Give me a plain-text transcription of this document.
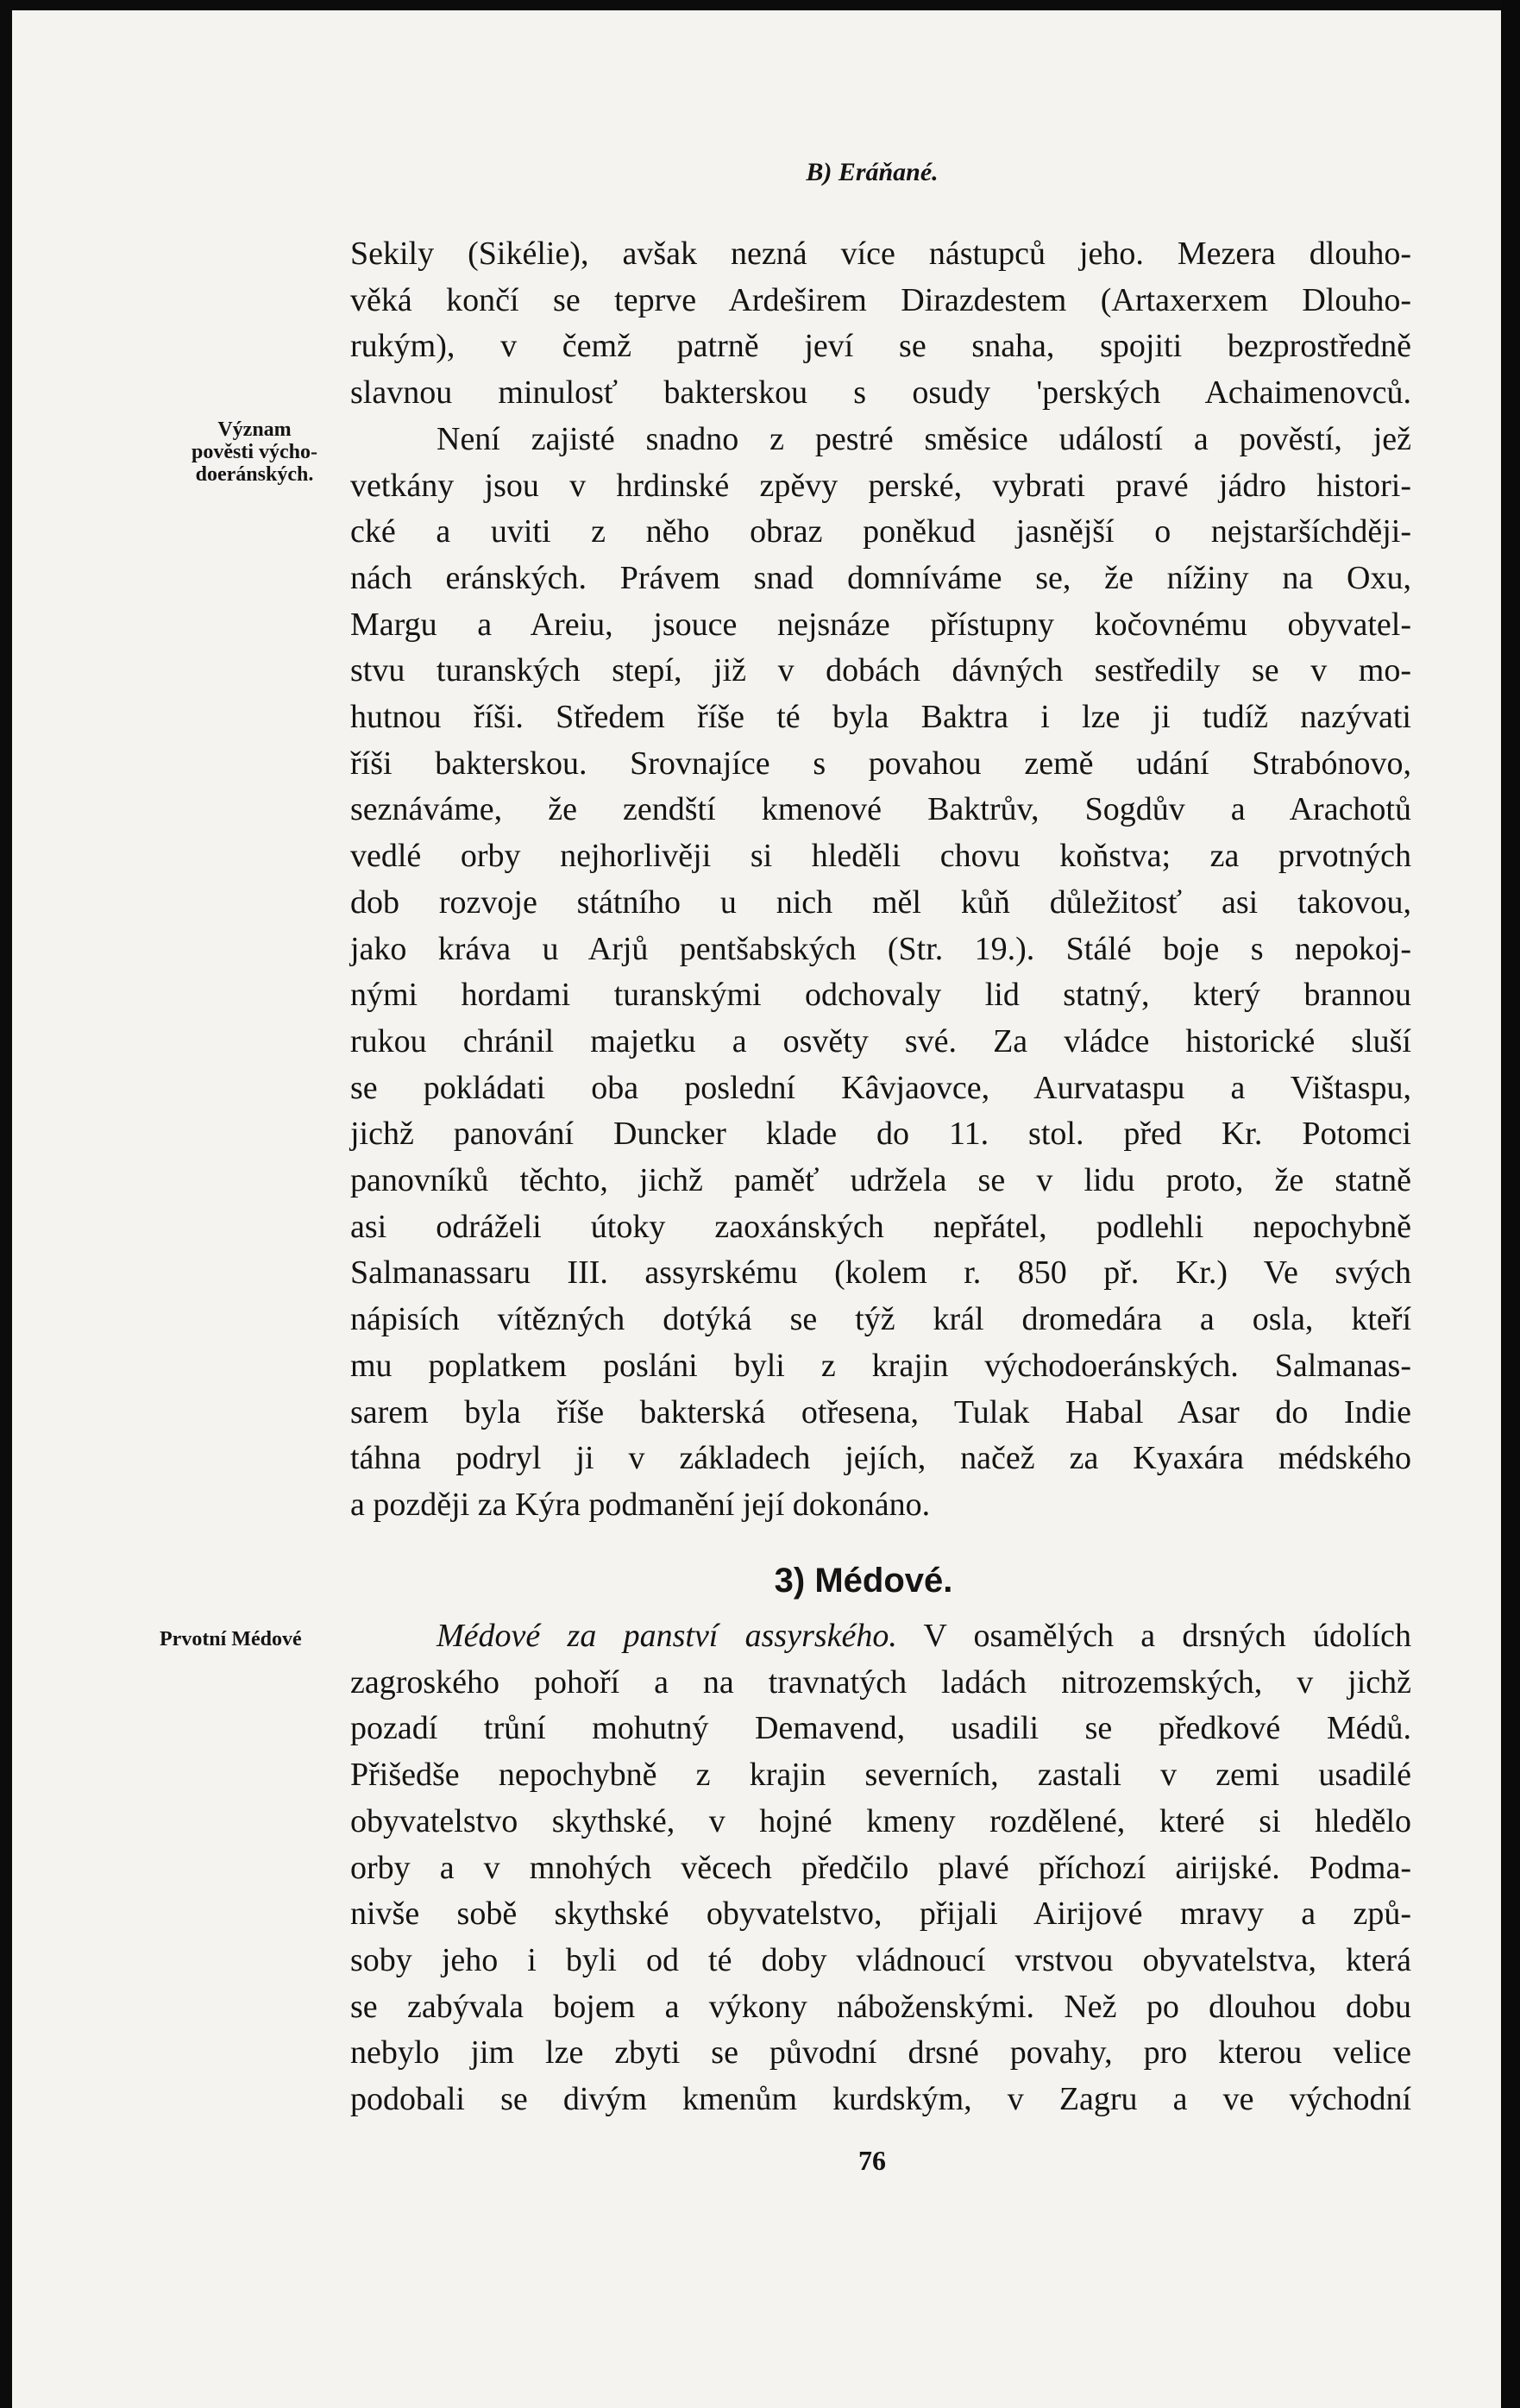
B) Eráňané.
Význam
pověsti výcho-
doeránských.
Sekily (Sikélie), avšak nezná více nástupců jeho. Mezera dlouho-
věká končí se teprve Ardeširem Dirazdestem (Artaxerxem Dlouho-
rukým), v čemž patrně jeví se snaha, spojiti bezprostředně
slavnou minulosť bakterskou s osudy 'perských Achaimenovců.
Není zajisté snadno z pestré směsice událostí a pověstí, jež
vetkány jsou v hrdinské zpěvy perské, vybrati pravé jádro histori-
cké a uviti z něho obraz poněkud jasnější o nejstaršíchději-
nách eránských. Právem snad domníváme se, že nížiny na Oxu,
Margu a Areiu, jsouce nejsnáze přístupny kočovnému obyvatel-
stvu turanských stepí, již v dobách dávných sestředily se v mo-
hutnou říši. Středem říše té byla Baktra i lze ji tudíž nazývati
říši bakterskou. Srovnajíce s povahou země udání Strabónovo,
seznáváme, že zendští kmenové Baktrův, Sogdův a Arachotů
vedlé orby nejhorlivěji si hleděli chovu koňstva; za prvotných
dob rozvoje státního u nich měl kůň důležitosť asi takovou,
jako kráva u Arjů pentšabských (Str. 19.). Stálé boje s nepokoj-
nými hordami turanskými odchovaly lid statný, který brannou
rukou chránil majetku a osvěty své. Za vládce historické sluší
se pokládati oba poslední Kâvjaovce, Aurvataspu a Vištaspu,
jichž panování Duncker klade do 11. stol. před Kr. Potomci
panovníků těchto, jichž paměť udržela se v lidu proto, že statně
asi odráželi útoky zaoxánských nepřátel, podlehli nepochybně
Salmanassaru III. assyrskému (kolem r. 850 př. Kr.) Ve svých
nápisích vítězných dotýká se týž král dromedára a osla, kteří
mu poplatkem posláni byli z krajin východoeránských. Salmanas-
sarem byla říše bakterská otřesena, Tulak Habal Asar do Indie
táhna podryl ji v základech jejích, načež za Kyaxára médského
a později za Kýra podmanění její dokonáno.
3) Médové.
Prvotní Médové	Médové za panství assyrského. V osamělých a drsných údolích
zagroského pohoří a na travnatých ladách nitrozemských, v jichž
pozadí trůní mohutný Demavend, usadili se předkové Médů.
Přišedše nepochybně z krajin severních, zastali v zemi usadilé
obyvatelstvo skythské, v hojné kmeny rozdělené, které si hledělo
orby a v mnohých věcech předčilo plavé příchozí airijské. Podma-
nivše sobě skythské obyvatelstvo, přijali Airijové mravy a způ-
soby jeho i byli od té doby vládnoucí vrstvou obyvatelstva, která
se zabývala bojem a výkony náboženskými. Než po dlouhou dobu
nebylo jim lze zbyti se původní drsné povahy, pro kterou velice
podobali se divým kmenům kurdským, v Zagru a ve východní
76
